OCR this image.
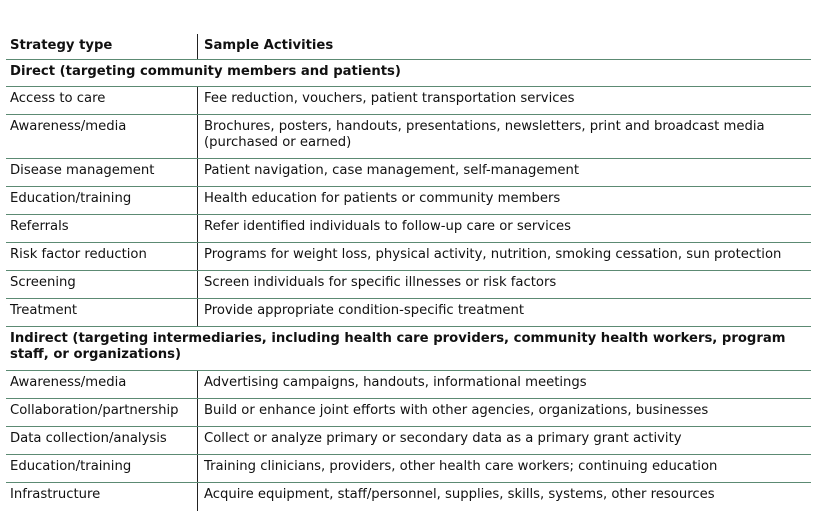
Strategy type	Sample Activities
Direct (targeting community members and patients)
Access to care	Fee reduction, vouchers, patient transportation services
Awareness/media	Brochures, posters, handouts, presentations, newsletters, print and broadcast media (purchased or earned)
Disease management	Patient navigation, case management, self-management
Education/training	Health education for patients or community members
Referrals	Refer identified individuals to follow-up care or services
Risk factor reduction	Programs for weight loss, physical activity, nutrition, smoking cessation, sun protection
Screening	Screen individuals for specific illnesses or risk factors
Treatment	Provide appropriate condition-specific treatment
Indirect (targeting intermediaries, including health care providers, community health workers, program staff, or organizations)
Awareness/media	Advertising campaigns, handouts, informational meetings
Collaboration/partnership	Build or enhance joint efforts with other agencies, organizations, businesses
Data collection/analysis	Collect or analyze primary or secondary data as a primary grant activity
Education/training	Training clinicians, providers, other health care workers; continuing education
Infrastructure	Acquire equipment, staff/personnel, supplies, skills, systems, other resources
